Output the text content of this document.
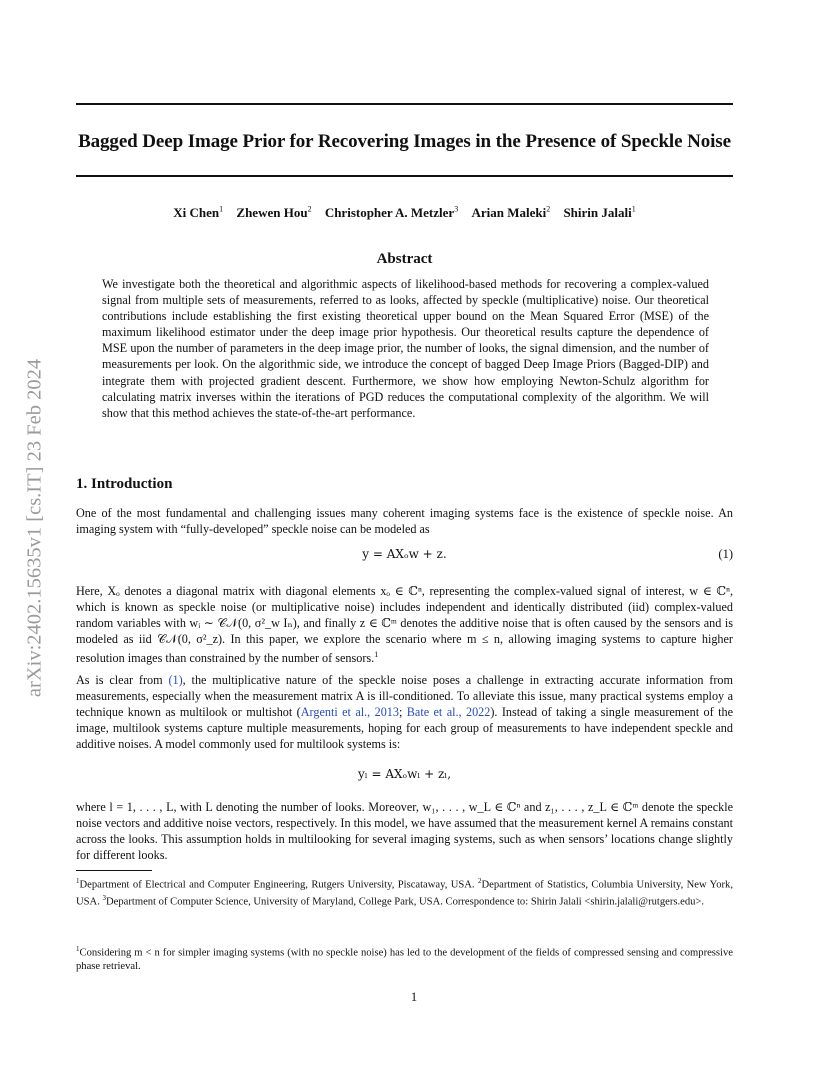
Bagged Deep Image Prior for Recovering Images in the Presence of Speckle Noise
Xi Chen$^1$ Zhewen Hou$^2$ Christopher A. Metzler$^3$ Arian Maleki$^2$ Shirin Jalali$^1$
Abstract
We investigate both the theoretical and algorithmic aspects of likelihood-based methods for recovering a complex-valued signal from multiple sets of measurements, referred to as looks, affected by speckle (multiplicative) noise. Our theoretical contributions include establishing the first existing theoretical upper bound on the Mean Squared Error (MSE) of the maximum likelihood estimator under the deep image prior hypothesis. Our theoretical results capture the dependence of MSE upon the number of parameters in the deep image prior, the number of looks, the signal dimension, and the number of measurements per look. On the algorithmic side, we introduce the concept of bagged Deep Image Priors (Bagged-DIP) and integrate them with projected gradient descent. Furthermore, we show how employing Newton-Schulz algorithm for calculating matrix inverses within the iterations of PGD reduces the computational complexity of the algorithm. We will show that this method achieves the state-of-the-art performance.
arXiv:2402.15635v1 [cs.IT] 23 Feb 2024 1. Introduction
One of the most fundamental and challenging issues many coherent imaging systems face is the existence of speckle noise. An imaging system with “fully-developed” speckle noise can be modeled as
y = AXₒw + z.	(1)
Here, Xₒ denotes a diagonal matrix with diagonal elements xₒ ∈ ℂⁿ, representing the complex-valued signal of interest, w ∈ ℂⁿ, which is known as speckle noise (or multiplicative noise) includes independent and identically distributed (iid) complex-valued random variables with wᵢ ∼ 𝒞𝒩(0, σ²_w Iₙ), and finally z ∈ ℂᵐ denotes the additive noise that is often caused by the sensors and is modeled as iid 𝒞𝒩(0, σ²_z). In this paper, we explore the scenario where m ≤ n, allowing imaging systems to capture higher resolution images than constrained by the number of sensors.$^1$
As is clear from (1), the multiplicative nature of the speckle noise poses a challenge in extracting accurate information from measurements, especially when the measurement matrix A is ill-conditioned. To alleviate this issue, many practical systems employ a technique known as multilook or multishot (Argenti et al., 2013; Bate et al., 2022). Instead of taking a single measurement of the image, multilook systems capture multiple measurements, hoping for each group of measurements to have independent speckle and additive noises. A model commonly used for multilook systems is:
yₗ = AXₒwₗ + zₗ,
where l = 1, . . . , L, with L denoting the number of looks. Moreover, w₁, . . . , w_L ∈ ℂⁿ and z₁, . . . , z_L ∈ ℂᵐ denote the speckle noise vectors and additive noise vectors, respectively. In this model, we have assumed that the measurement kernel A remains constant across the looks. This assumption holds in multilooking for several imaging systems, such as when sensors’ locations change slightly for different looks.
$^1$Department of Electrical and Computer Engineering, Rutgers University, Piscataway, USA. $^2$Department of Statistics, Columbia University, New York, USA. $^3$Department of Computer Science, University of Maryland, College Park, USA. Correspondence to: Shirin Jalali <shirin.jalali@rutgers.edu>.
$^1$Considering m < n for simpler imaging systems (with no speckle noise) has led to the development of the fields of compressed sensing and compressive phase retrieval.
1
